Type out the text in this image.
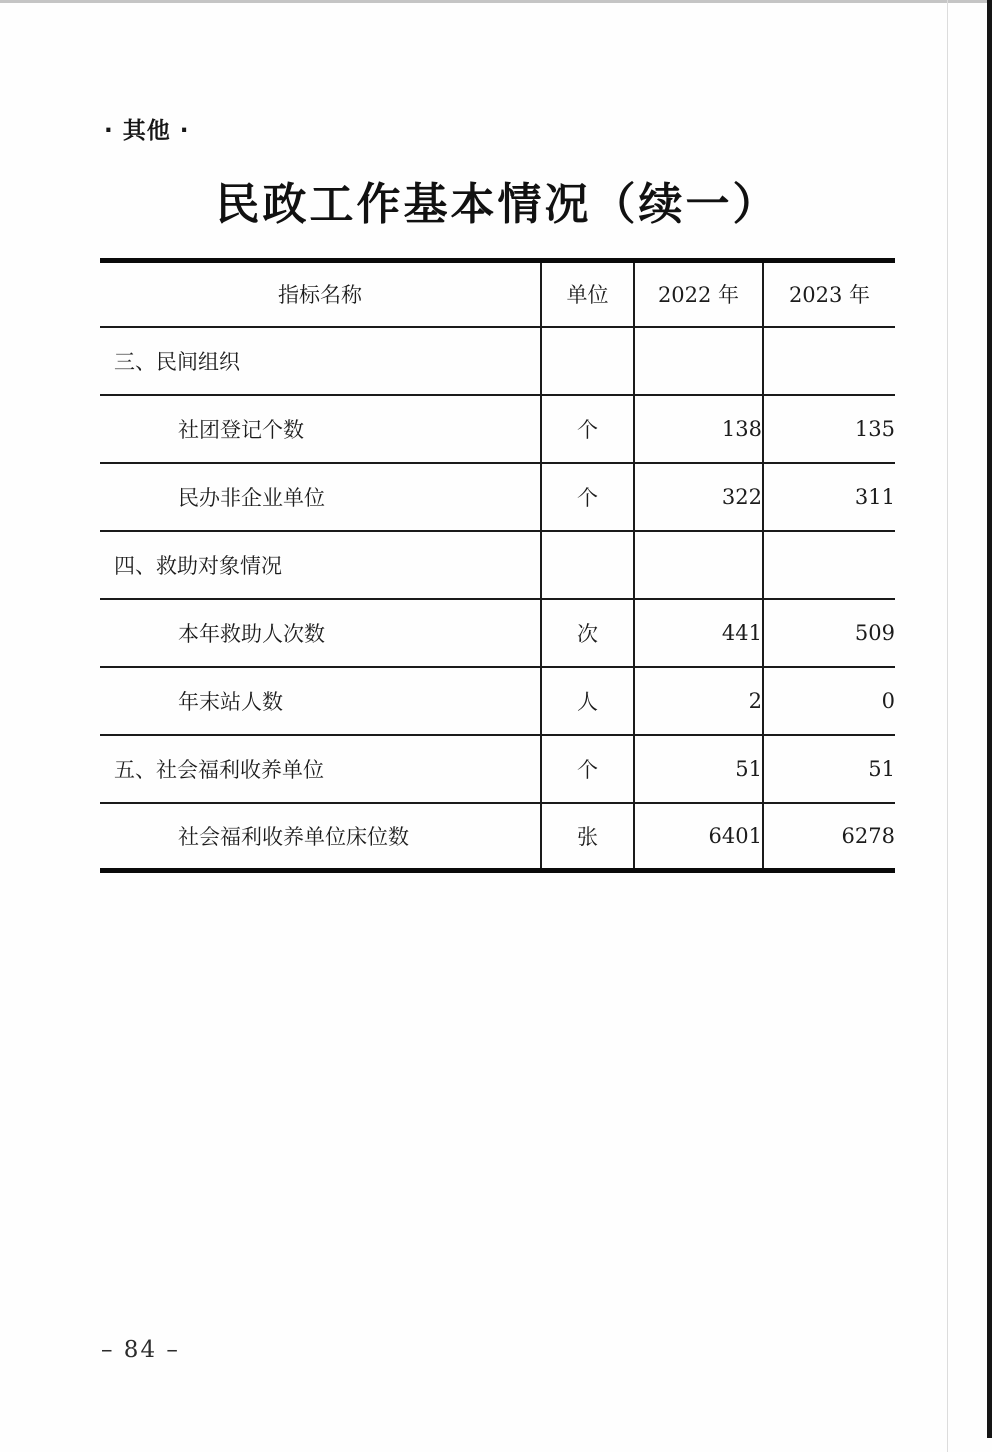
· 其他 ·
民政工作基本情况（续一）
指标名称	单位	2022 年	2023 年
三、民间组织			
社团登记个数	个	138	135
民办非企业单位	个	322	311
四、救助对象情况			
本年救助人次数	次	441	509
年末站人数	人	2	0
五、社会福利收养单位	个	51	51
社会福利收养单位床位数	张	6401	6278
– 84 –
